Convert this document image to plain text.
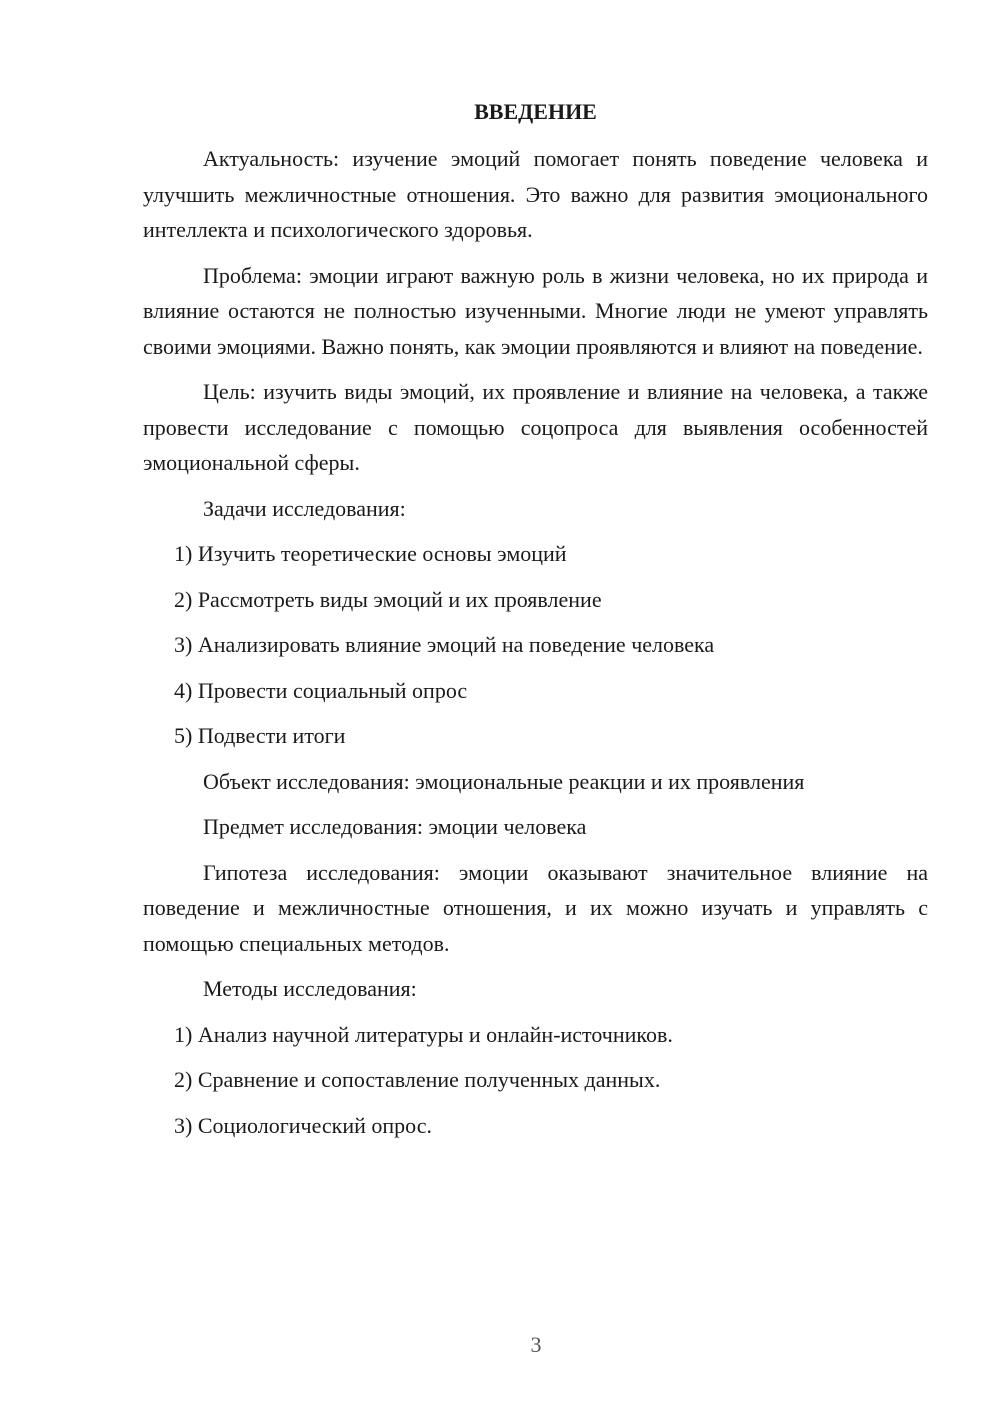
ВВЕДЕНИЕ

Актуальность: изучение эмоций помогает понять поведение человека и улучшить межличностные отношения. Это важно для развития эмоционального интеллекта и психологического здоровья.

Проблема: эмоции играют важную роль в жизни человека, но их природа и влияние остаются не полностью изученными. Многие люди не умеют управлять своими эмоциями. Важно понять, как эмоции проявляются и влияют на поведение.

Цель: изучить виды эмоций, их проявление и влияние на человека, а также провести исследование с помощью соцопроса для выявления особенностей эмоциональной сферы.

Задачи исследования:
1) Изучить теоретические основы эмоций
2) Рассмотреть виды эмоций и их проявление
3) Анализировать влияние эмоций на поведение человека
4) Провести социальный опрос
5) Подвести итоги
Объект исследования: эмоциональные реакции и их проявления
Предмет исследования: эмоции человека

Гипотеза исследования: эмоции оказывают значительное влияние на поведение и межличностные отношения, и их можно изучать и управлять с помощью специальных методов.

Методы исследования:
1) Анализ научной литературы и онлайн-источников.
2) Сравнение и сопоставление полученных данных.
3) Социологический опрос.
3
